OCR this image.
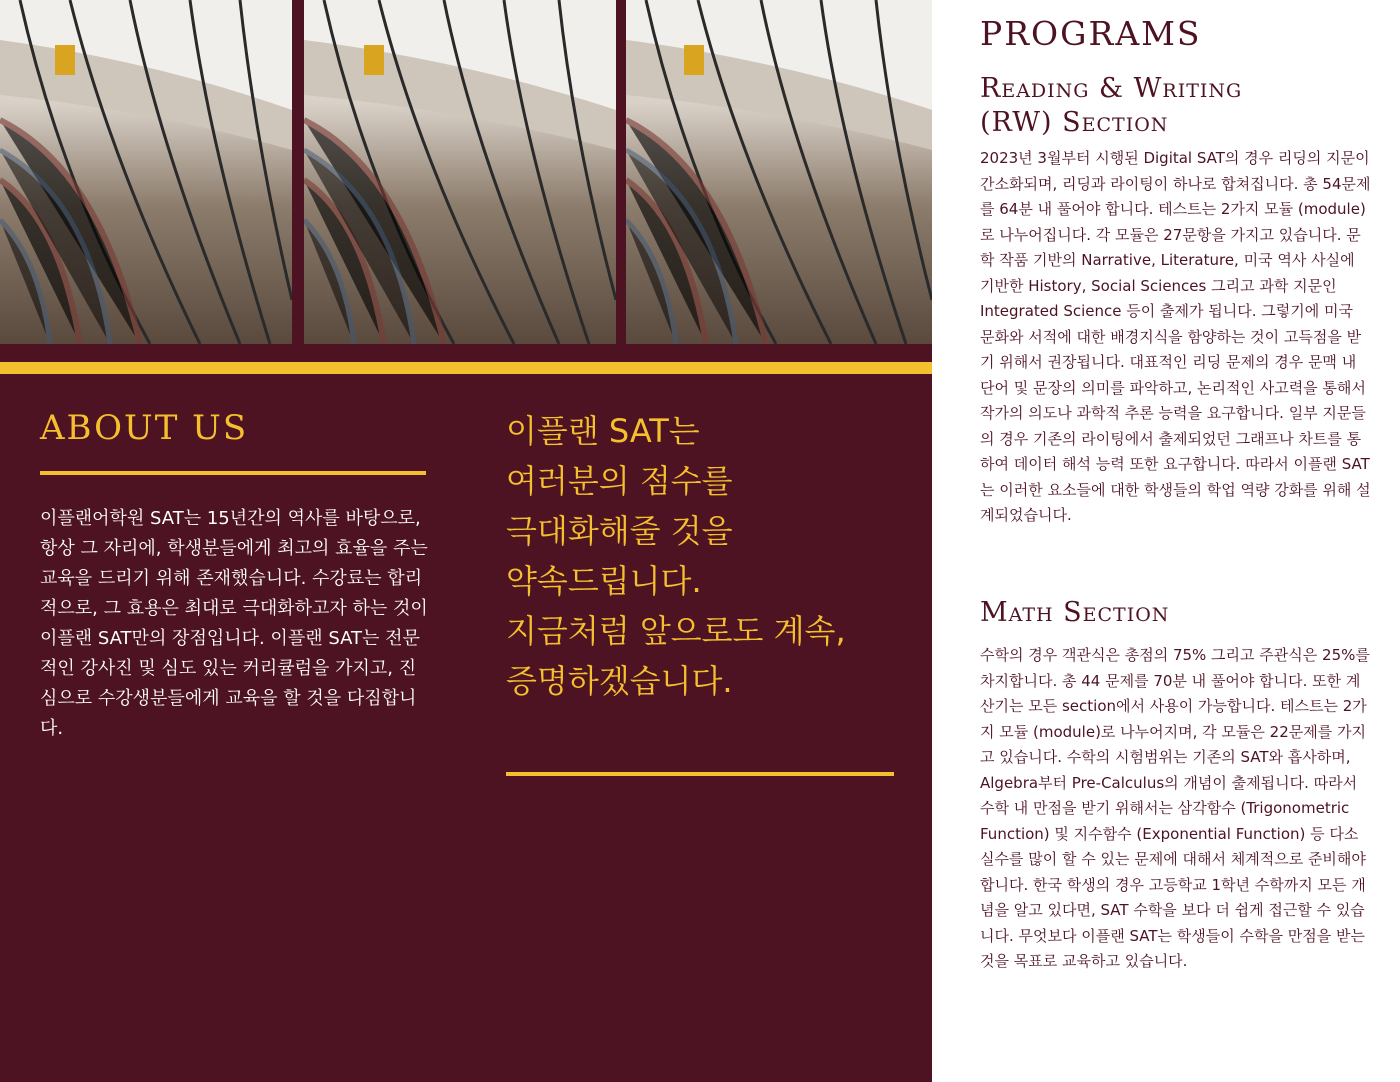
ABOUT US

이플랜어학원 SAT는 15년간의 역사를 바탕으로, 항상 그 자리에, 학생분들에게 최고의 효율을 주는 교육을 드리기 위해 존재했습니다. 수강료는 합리적으로, 그 효용은 최대로 극대화하고자 하는 것이 이플랜 SAT만의 장점입니다. 이플랜 SAT는 전문적인 강사진 및 심도 있는 커리큘럼을 가지고, 진심으로 수강생분들에게 교육을 할 것을 다짐합니다.

이플랜 SAT는
여러분의 점수를
극대화해줄 것을
약속드립니다.
지금처럼 앞으로도 계속,
증명하겠습니다.

PROGRAMS
Reading & Writing
(RW) Section

2023년 3월부터 시행된 Digital SAT의 경우 리딩의 지문이 간소화되며, 리딩과 라이팅이 하나로 합쳐집니다. 총 54문제를 64분 내 풀어야 합니다. 테스트는 2가지 모듈 (module)로 나누어집니다. 각 모듈은 27문항을 가지고 있습니다. 문학 작품 기반의 Narrative, Literature, 미국 역사 사실에 기반한 History, Social Sciences 그리고 과학 지문인 Integrated Science 등이 출제가 됩니다. 그렇기에 미국 문화와 서적에 대한 배경지식을 함양하는 것이 고득점을 받기 위해서 권장됩니다. 대표적인 리딩 문제의 경우 문맥 내 단어 및 문장의 의미를 파악하고, 논리적인 사고력을 통해서 작가의 의도나 과학적 추론 능력을 요구합니다. 일부 지문들의 경우 기존의 라이팅에서 출제되었던 그래프나 차트를 통하여 데이터 해석 능력 또한 요구합니다. 따라서 이플랜 SAT는 이러한 요소들에 대한 학생들의 학업 역량 강화를 위해 설계되었습니다.

Math Section

수학의 경우 객관식은 총점의 75% 그리고 주관식은 25%를 차지합니다. 총 44 문제를 70분 내 풀어야 합니다. 또한 계산기는 모든 section에서 사용이 가능합니다. 테스트는 2가지 모듈 (module)로 나누어지며, 각 모듈은 22문제를 가지고 있습니다. 수학의 시험범위는 기존의 SAT와 흡사하며, Algebra부터 Pre-Calculus의 개념이 출제됩니다. 따라서 수학 내 만점을 받기 위해서는 삼각함수 (Trigonometric Function) 및 지수함수 (Exponential Function) 등 다소 실수를 많이 할 수 있는 문제에 대해서 체계적으로 준비해야 합니다. 한국 학생의 경우 고등학교 1학년 수학까지 모든 개념을 알고 있다면, SAT 수학을 보다 더 쉽게 접근할 수 있습니다. 무엇보다 이플랜 SAT는 학생들이 수학을 만점을 받는 것을 목표로 교육하고 있습니다.
